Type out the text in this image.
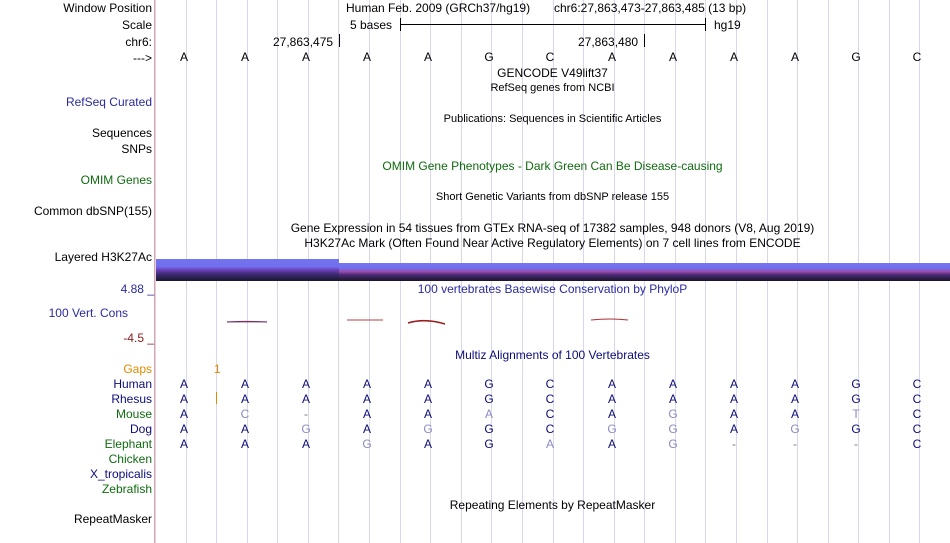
Window Position
Scale
chr6:
--->
Human Feb. 2009 (GRCh37/hg19) chr6:27,863,473-27,863,485 (13 bp)
5 bases	hg19
27,863,475	27,863,480
A	A	A	A	A	G	C	A	A	A	A	G	C
GENCODE V49lift37
RefSeq genes from NCBI
RefSeq Curated
Publications: Sequences in Scientific Articles
Sequences
SNPs
OMIM Gene Phenotypes - Dark Green Can Be Disease-causing
OMIM Genes
Short Genetic Variants from dbSNP release 155
Common dbSNP(155)
Gene Expression in 54 tissues from GTEx RNA-seq of 17382 samples, 948 donors (V8, Aug 2019)
H3K27Ac Mark (Often Found Near Active Regulatory Elements) on 7 cell lines from ENCODE
Layered H3K27Ac
4.88 _	100 vertebrates Basewise Conservation by PhyloP
100 Vert. Cons
-4.5 _
Multiz Alignments of 100 Vertebrates
Gaps	1
Human	A	A	A	A	A	G	C	A	A	A	A	G	C
Rhesus	A	A	A	A	A	G	C	A	A	A	A	G	C
Mouse	A	C	-	A	A	A	C	A	G	A	A	T	C
Dog	A	A	G	A	G	G	C	G	G	A	G	G	C
Elephant	A	A	A	G	A	G	A	A	G	-	-	-	C
Chicken
X_tropicalis
Zebrafish
Repeating Elements by RepeatMasker
RepeatMasker
